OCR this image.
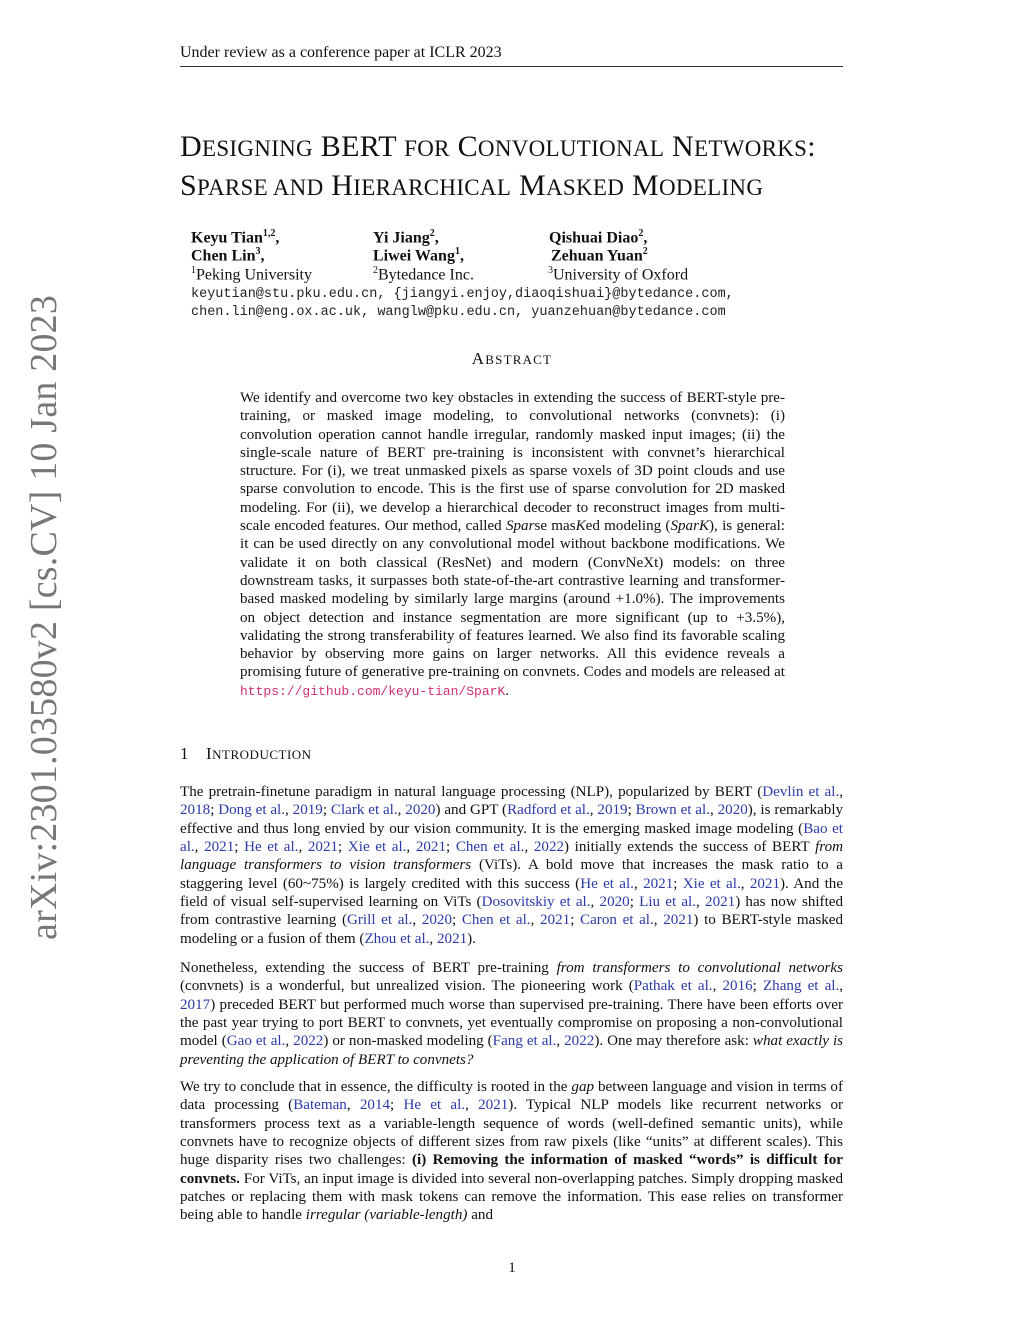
Under review as a conference paper at ICLR 2023
arXiv:2301.03580v2 [cs.CV] 10 Jan 2023
DESIGNING BERT FOR CONVOLUTIONAL NETWORKS:
SPARSE AND HIERARCHICAL MASKED MODELING
Keyu Tian$^{1,2}$,	Yi Jiang$^2$,	Qishuai Diao$^2$,
Chen Lin$^3$,	Liwei Wang$^1$,	Zehuan Yuan$^2$
$^1$Peking University	$^2$Bytedance Inc.	$^3$University of Oxford
keyutian@stu.pku.edu.cn, {jiangyi.enjoy,diaoqishuai}@bytedance.com,
chen.lin@eng.ox.ac.uk, wanglw@pku.edu.cn, yuanzehuan@bytedance.com
ABSTRACT
We identify and overcome two key obstacles in extending the success of BERT-style pre-training, or masked image modeling, to convolutional networks (convnets): (i) convolution operation cannot handle irregular, randomly masked input images; (ii) the single-scale nature of BERT pre-training is inconsistent with convnet’s hierarchical structure. For (i), we treat unmasked pixels as sparse voxels of 3D point clouds and use sparse convolution to encode. This is the first use of sparse convolution for 2D masked modeling. For (ii), we develop a hierarchical decoder to reconstruct images from multi-scale encoded features. Our method, called Sparse masKed modeling (SparK), is general: it can be used directly on any convolutional model without backbone modifications. We validate it on both classical (ResNet) and modern (ConvNeXt) models: on three downstream tasks, it surpasses both state-of-the-art contrastive learning and transformer-based masked modeling by similarly large margins (around +1.0%). The improvements on object detection and instance segmentation are more significant (up to +3.5%), validating the strong transferability of features learned. We also find its favorable scaling behavior by observing more gains on larger networks. All this evidence reveals a promising future of generative pre-training on convnets. Codes and models are released at https://github.com/keyu-tian/SparK.
1 INTRODUCTION
The pretrain-finetune paradigm in natural language processing (NLP), popularized by BERT (Devlin et al., 2018; Dong et al., 2019; Clark et al., 2020) and GPT (Radford et al., 2019; Brown et al., 2020), is remarkably effective and thus long envied by our vision community. It is the emerging masked image modeling (Bao et al., 2021; He et al., 2021; Xie et al., 2021; Chen et al., 2022) initially extends the success of BERT from language transformers to vision transformers (ViTs). A bold move that increases the mask ratio to a staggering level (60~75%) is largely credited with this success (He et al., 2021; Xie et al., 2021). And the field of visual self-supervised learning on ViTs (Dosovitskiy et al., 2020; Liu et al., 2021) has now shifted from contrastive learning (Grill et al., 2020; Chen et al., 2021; Caron et al., 2021) to BERT-style masked modeling or a fusion of them (Zhou et al., 2021).
Nonetheless, extending the success of BERT pre-training from transformers to convolutional networks (convnets) is a wonderful, but unrealized vision. The pioneering work (Pathak et al., 2016; Zhang et al., 2017) preceded BERT but performed much worse than supervised pre-training. There have been efforts over the past year trying to port BERT to convnets, yet eventually compromise on proposing a non-convolutional model (Gao et al., 2022) or non-masked modeling (Fang et al., 2022). One may therefore ask: what exactly is preventing the application of BERT to convnets?
We try to conclude that in essence, the difficulty is rooted in the gap between language and vision in terms of data processing (Bateman, 2014; He et al., 2021). Typical NLP models like recurrent networks or transformers process text as a variable-length sequence of words (well-defined semantic units), while convnets have to recognize objects of different sizes from raw pixels (like “units” at different scales). This huge disparity rises two challenges: (i) Removing the information of masked “words” is difficult for convnets. For ViTs, an input image is divided into several non-overlapping patches. Simply dropping masked patches or replacing them with mask tokens can remove the information. This ease relies on transformer being able to handle irregular (variable-length) and
1
